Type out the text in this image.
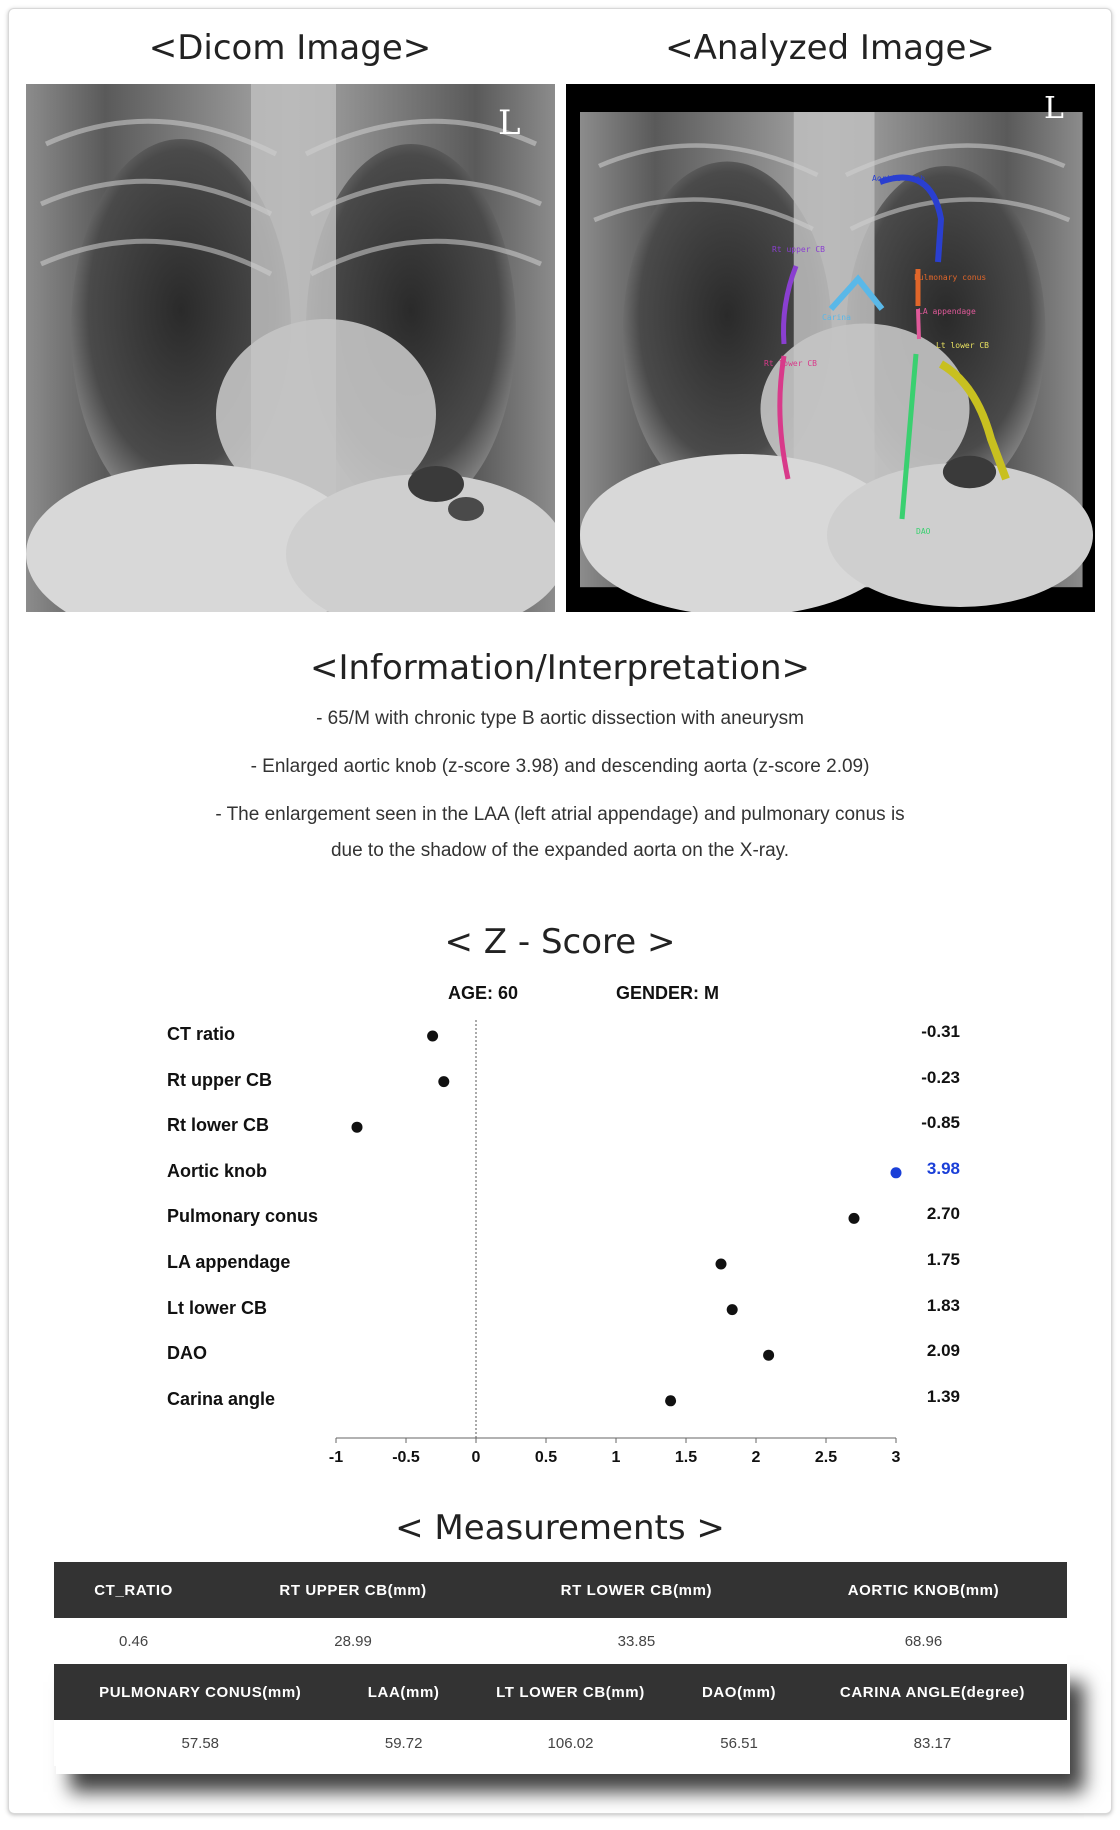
<Dicom Image>	<Analyzed Image>
L	L
Aortic knob
Rt upper CB
Pulmonary conus
Carina
LA appendage
Lt lower CB
Rt lower CB
DAO
<Information/Interpretation>
- 65/M with chronic type B aortic dissection with aneurysm
- Enlarged aortic knob (z-score 3.98) and descending aorta (z-score 2.09)
- The enlargement seen in the LAA (left atrial appendage) and pulmonary conus is
due to the shadow of the expanded aorta on the X-ray.
< Z - Score >
AGE: 60	GENDER: M
CT ratio	-0.31
Rt upper CB	-0.23
Rt lower CB	-0.85
Aortic knob	3.98
Pulmonary conus	2.70
LA appendage	1.75
Lt lower CB	1.83
DAO	2.09
Carina angle	1.39
-1	-0.5	0	0.5	1	1.5	2	2.5	3
< Measurements >
CT_RATIO	RT UPPER CB(mm)	RT LOWER CB(mm)	AORTIC KNOB(mm)
0.46	28.99	33.85	68.96
PULMONARY CONUS(mm)	LAA(mm)	LT LOWER CB(mm)	DAO(mm)	CARINA ANGLE(degree)
57.58	59.72	106.02	56.51	83.17
